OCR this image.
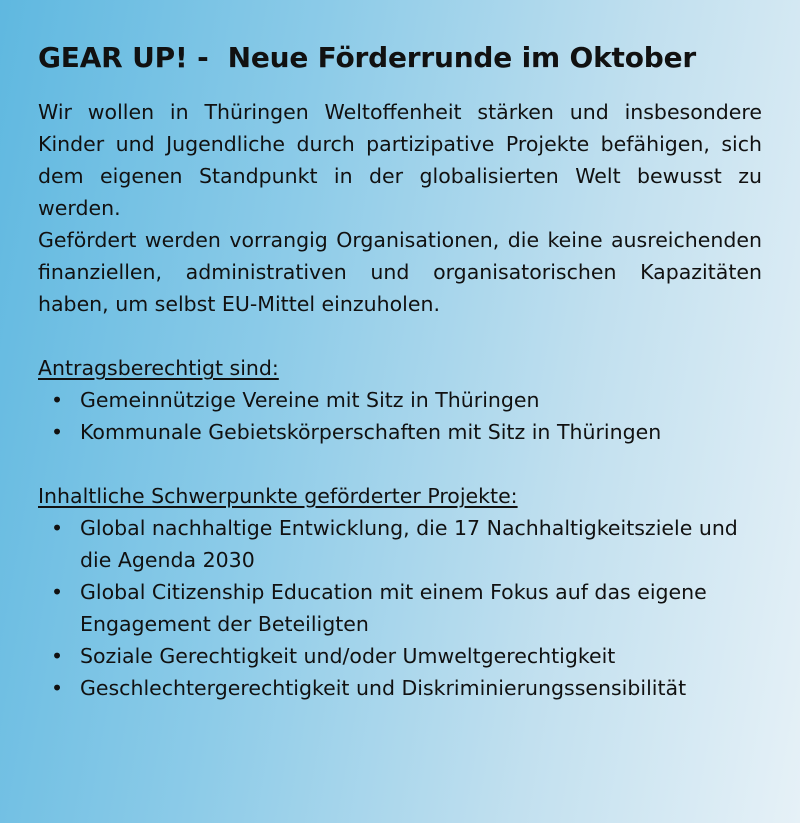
GEAR UP! -  Neue Förderrunde im Oktober

Wir wollen in Thüringen Weltoffenheit stärken und insbesondere Kinder und Jugendliche durch partizipative Projekte befähigen, sich dem eigenen Standpunkt in der globalisierten Welt bewusst zu werden.

Gefördert werden vorrangig Organisationen, die keine ausreichenden finanziellen, administrativen und organisatorischen Kapazitäten haben, um selbst EU-Mittel einzuholen.

Antragsberechtigt sind:

• Gemeinnützige Vereine mit Sitz in Thüringen
• Kommunale Gebietskörperschaften mit Sitz in Thüringen

Inhaltliche Schwerpunkte geförderter Projekte:

• Global nachhaltige Entwicklung, die 17 Nachhaltigkeitsziele und die Agenda 2030
• Global Citizenship Education mit einem Fokus auf das eigene Engagement der Beteiligten
• Soziale Gerechtigkeit und/oder Umweltgerechtigkeit
• Geschlechtergerechtigkeit und Diskriminierungssensibilität
